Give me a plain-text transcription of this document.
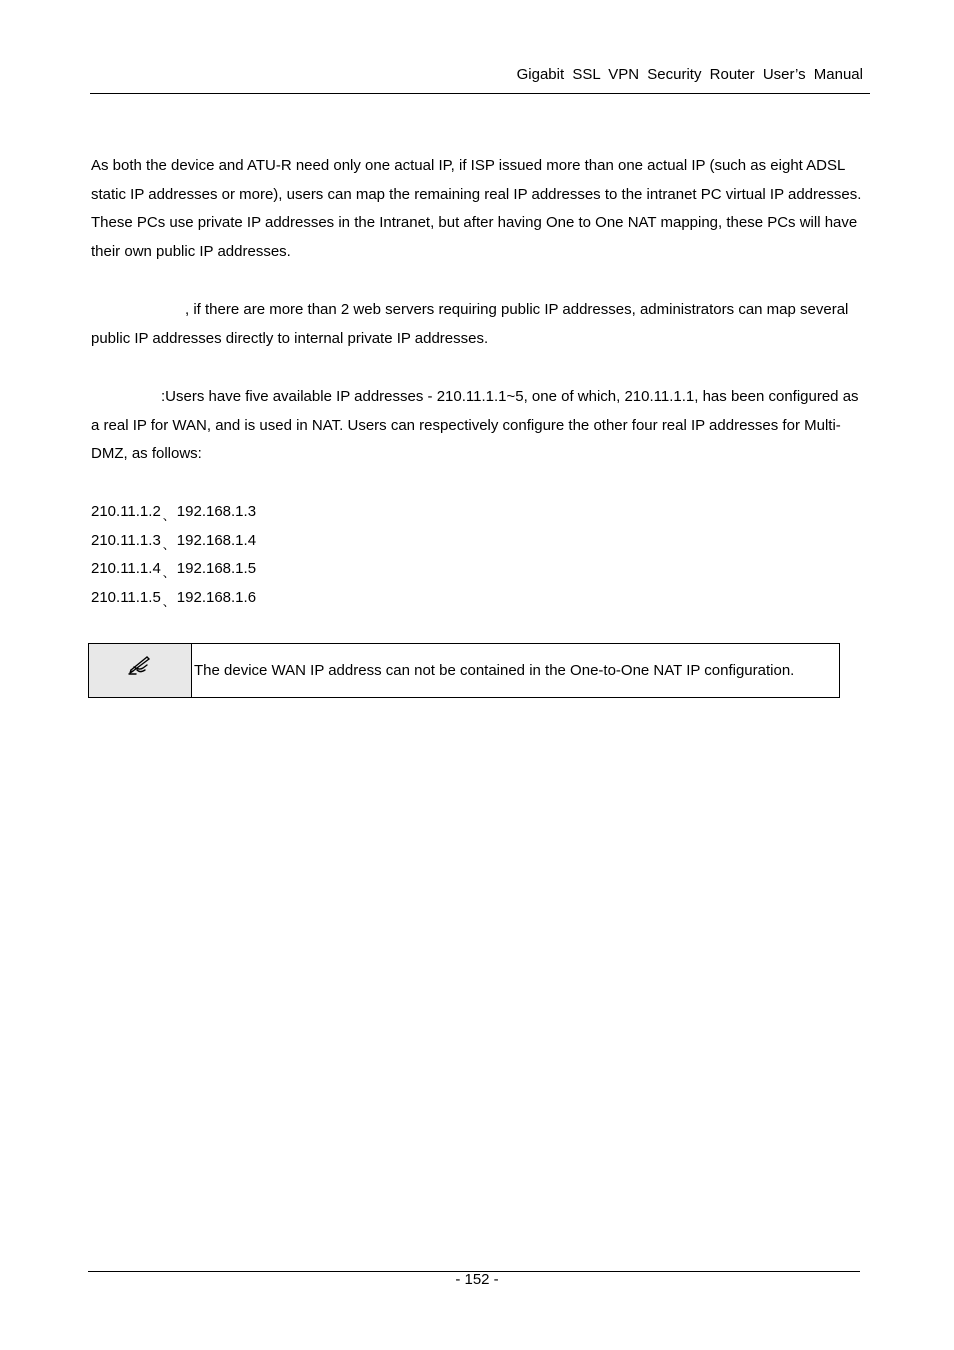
Gigabit SSL VPN Security Router User’s Manual

As both the device and ATU-R need only one actual IP, if ISP issued more than one actual IP (such as eight ADSL static IP addresses or more), users can map the remaining real IP addresses to the intranet PC virtual IP addresses. These PCs use private IP addresses in the Intranet, but after having One to One NAT mapping, these PCs will have their own public IP addresses.

, if there are more than 2 web servers requiring public IP addresses, administrators can map several public IP addresses directly to internal private IP addresses.

:Users have five available IP addresses - 210.11.1.1~5, one of which, 210.11.1.1, has been configured as a real IP for WAN, and is used in NAT. Users can respectively configure the other four real IP addresses for Multi-DMZ, as follows:

210.11.1.2 、 192.168.1.3
210.11.1.3 、 192.168.1.4
210.11.1.4 、 192.168.1.5
210.11.1.5 、 192.168.1.6
The device WAN IP address can not be contained in the One-to-One NAT IP configuration.
- 152 -
